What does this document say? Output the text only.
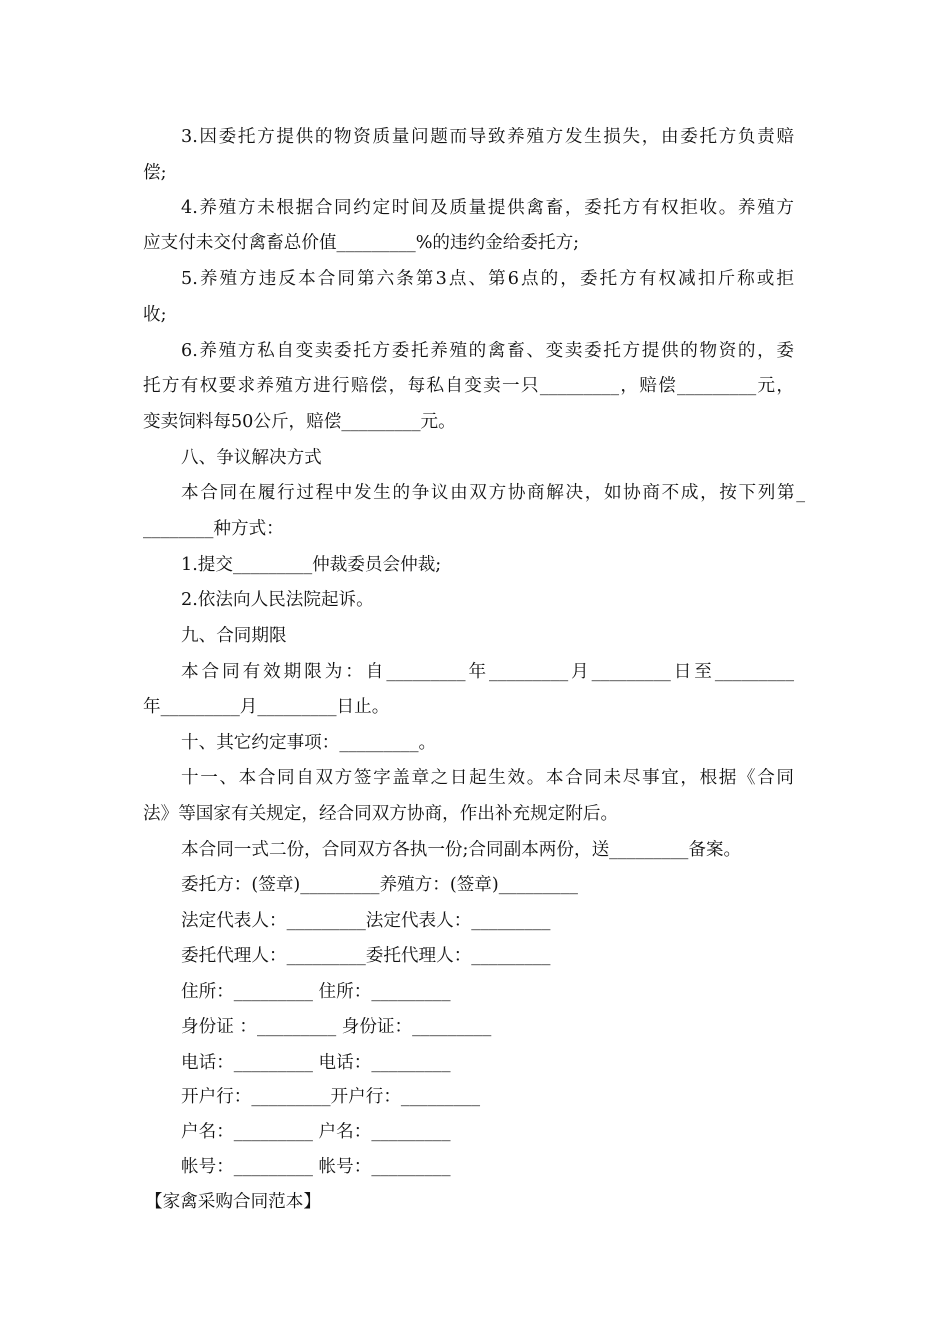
3.因委托方提供的物资质量问题而导致养殖方发生损失，由委托方负责赔
偿;
4.养殖方未根据合同约定时间及质量提供禽畜，委托方有权拒收。养殖方
应支付未交付禽畜总价值_________%的违约金给委托方;
5.养殖方违反本合同第六条第3点、第6点的，委托方有权减扣斤称或拒
收;
6.养殖方私自变卖委托方委托养殖的禽畜、变卖委托方提供的物资的，委
托方有权要求养殖方进行赔偿，每私自变卖一只_________，赔偿_________元，
变卖饲料每50公斤，赔偿_________元。
八、争议解决方式
本合同在履行过程中发生的争议由双方协商解决，如协商不成，按下列第_
________种方式：
1.提交_________仲裁委员会仲裁;
2.依法向人民法院起诉。
九、合同期限
本合同有效期限为：自_________年_________月_________日至_________
年_________月_________日止。
十、其它约定事项：_________。
十一、本合同自双方签字盖章之日起生效。本合同未尽事宜，根据《合同
法》等国家有关规定，经合同双方协商，作出补充规定附后。
本合同一式二份，合同双方各执一份;合同副本两份，送_________备案。
委托方：(签章)_________养殖方：(签章)_________
法定代表人：_________法定代表人：_________
委托代理人：_________委托代理人：_________
住所：_________ 住所：_________
身份证 ：_________ 身份证：_________
电话：_________ 电话：_________
开户行：_________开户行：_________
户名：_________ 户名：_________
帐号：_________ 帐号：_________
【家禽采购合同范本】
